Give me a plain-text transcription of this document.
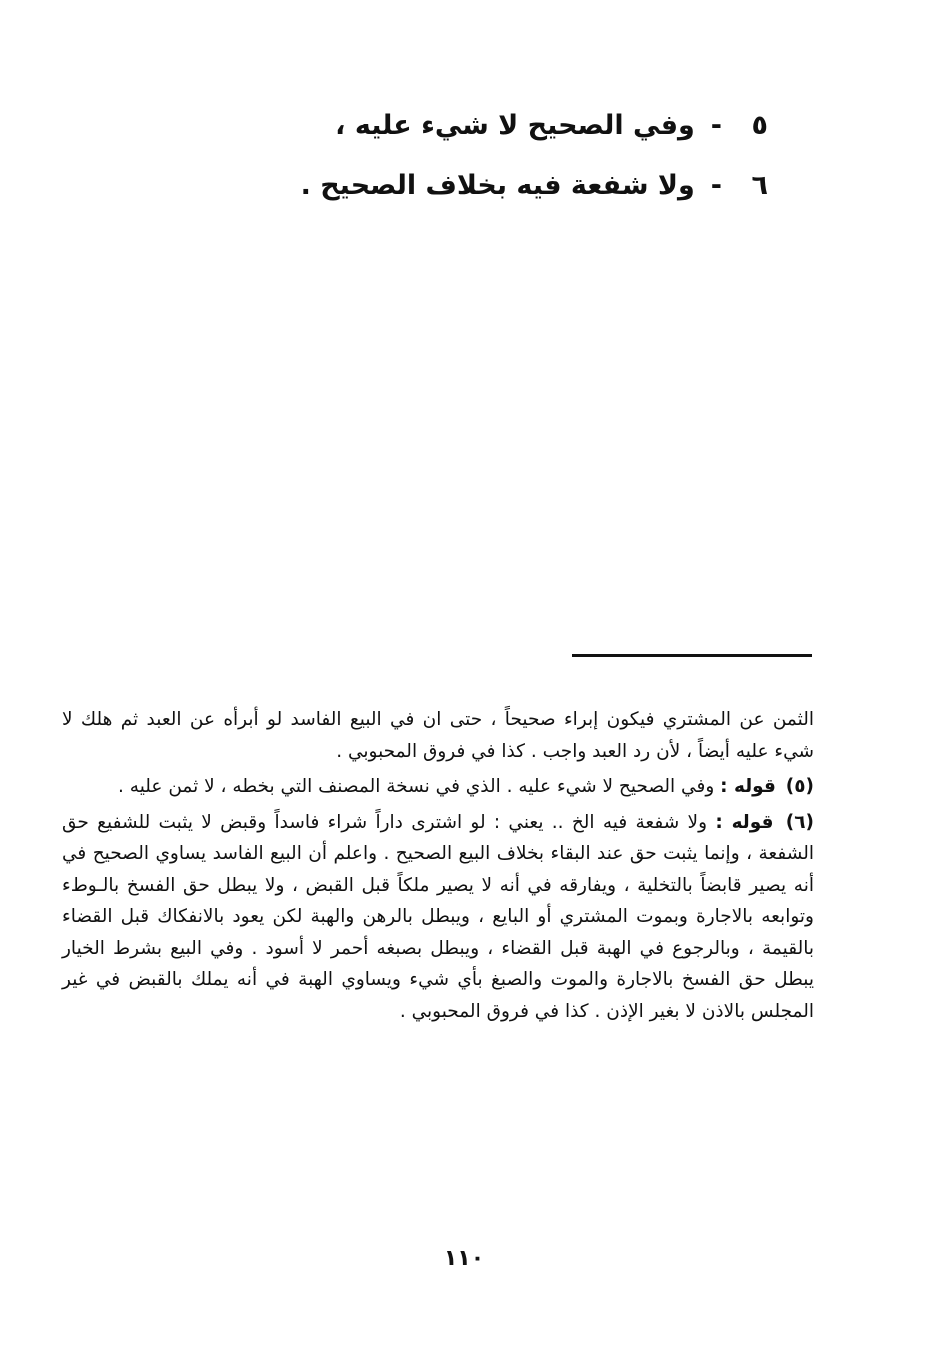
٥-وفي الصحيح لا شيء عليه ،
٦-ولا شفعة فيه بخلاف الصحيح .

الثمن عن المشتري فيكون إبراء صحيحاً ، حتى ان في البيع الفاسد لو أبرأه عن العبد ثم هلك لا شيء عليه أيضاً ، لأن رد العبد واجب . كذا في فروق المحبوبي .

(٥) قوله : وفي الصحيح لا شيء عليه . الذي في نسخة المصنف التي بخطه ، لا ثمن عليه .

(٦) قوله : ولا شفعة فيه الخ .. يعني : لو اشترى داراً شراء فاسداً وقبض لا يثبت للشفيع حق الشفعة ، وإنما يثبت حق عند البقاء بخلاف البيع الصحيح . واعلم أن البيع الفاسد يساوي الصحيح في أنه يصير قابضاً بالتخلية ، ويفارقه في أنه لا يصير ملكاً قبل القبض ، ولا يبطل حق الفسخ بالـوطء وتوابعه بالاجارة وبموت المشتري أو البايع ، ويبطل بالرهن والهبة لكن يعود بالانفكاك قبل القضاء بالقيمة ، وبالرجوع في الهبة قبل القضاء ، ويبطل بصبغه أحمر لا أسود . وفي البيع بشرط الخيار يبطل حق الفسخ بالاجارة والموت والصبغ بأي شيء ويساوي الهبة في أنه يملك بالقبض في غير المجلس بالاذن لا بغير الإذن . كذا في فروق المحبوبي .

١١٠
